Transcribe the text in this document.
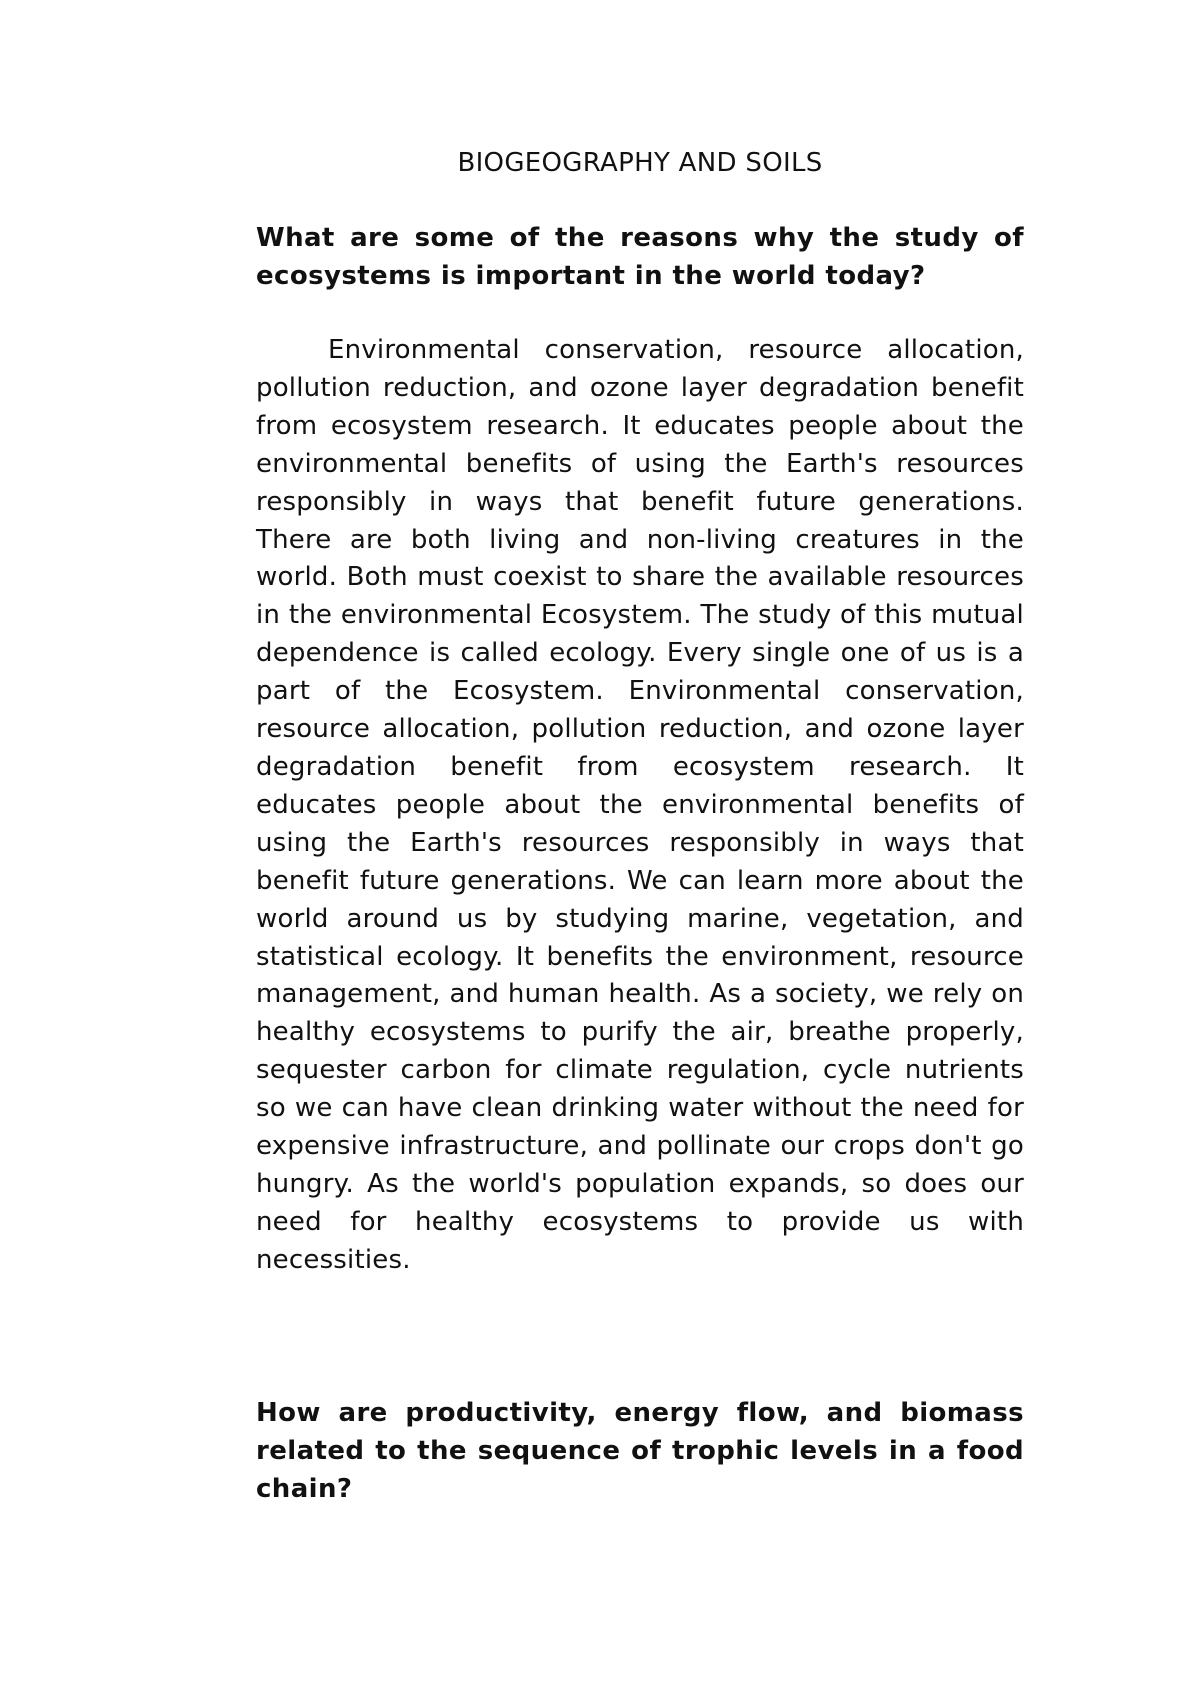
BIOGEOGRAPHY AND SOILS

What are some of the reasons why the study of ecosystems is important in the world today?

Environmental conservation, resource allocation, pollution reduction, and ozone layer degradation benefit from ecosystem research. It educates people about the environmental benefits of using the Earth's resources responsibly in ways that benefit future generations. There are both living and non-living creatures in the world. Both must coexist to share the available resources in the environmental Ecosystem. The study of this mutual dependence is called ecology. Every single one of us is a part of the Ecosystem. Environmental conservation, resource allocation, pollution reduction, and ozone layer degradation benefit from ecosystem research. It educates people about the environmental benefits of using the Earth's resources responsibly in ways that benefit future generations. We can learn more about the world around us by studying marine, vegetation, and statistical ecology. It benefits the environment, resource management, and human health. As a society, we rely on healthy ecosystems to purify the air, breathe properly, sequester carbon for climate regulation, cycle nutrients so we can have clean drinking water without the need for expensive infrastructure, and pollinate our crops don't go hungry. As the world's population expands, so does our need for healthy ecosystems to provide us with necessities.

How are productivity, energy flow, and biomass related to the sequence of trophic levels in a food chain?
